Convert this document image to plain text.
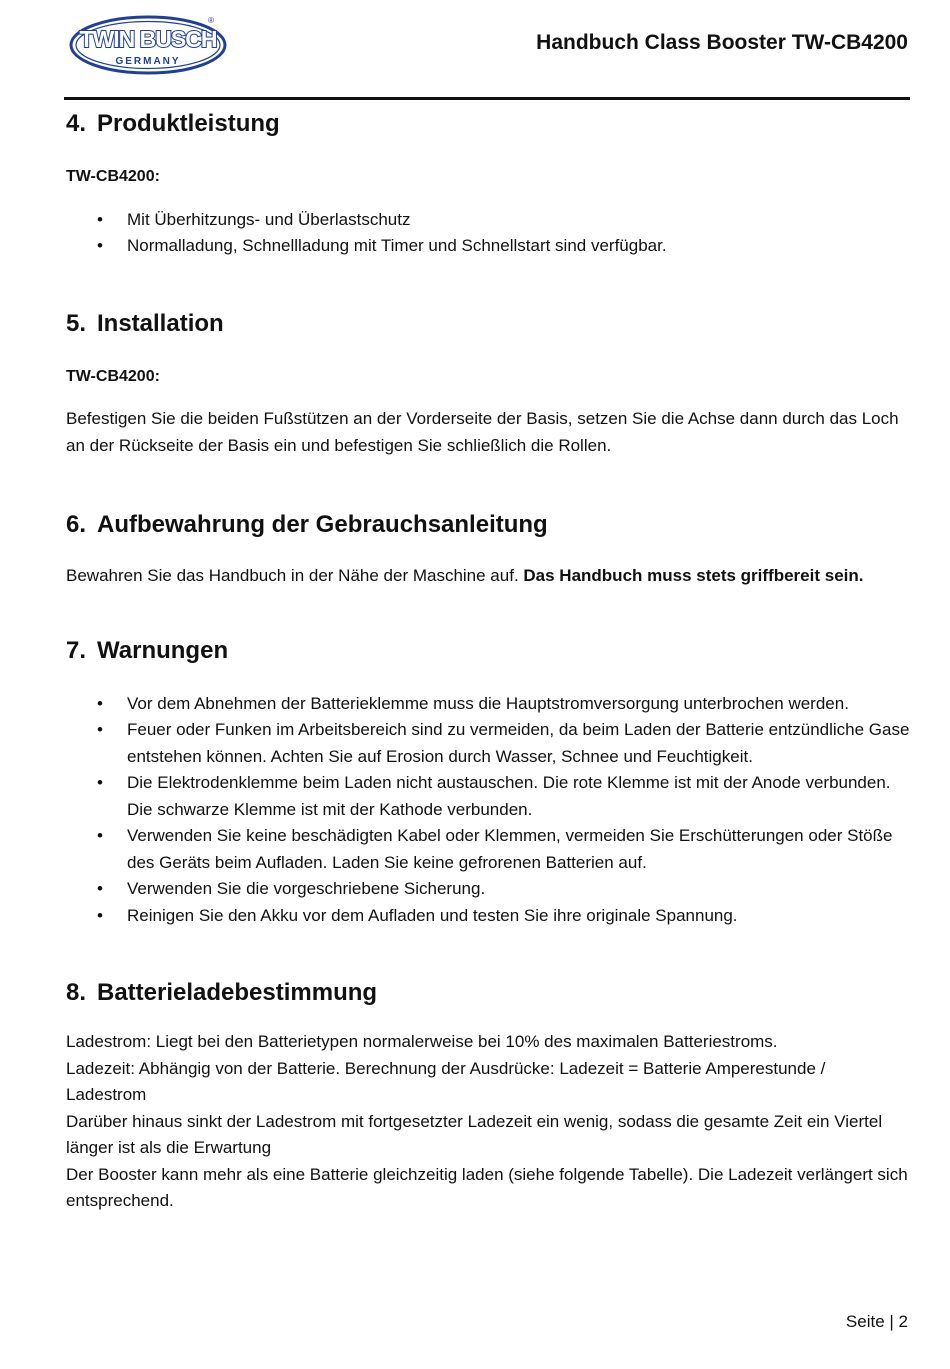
TWIN BUSCH
GERMANY
®
Handbuch Class Booster TW-CB4200
4. Produktleistung

TW-CB4200:

• Mit Überhitzungs- und Überlastschutz
• Normalladung, Schnellladung mit Timer und Schnellstart sind verfügbar.
5. Installation

TW-CB4200:

Befestigen Sie die beiden Fußstützen an der Vorderseite der Basis, setzen Sie die Achse dann durch das Loch an der Rückseite der Basis ein und befestigen Sie schließlich die Rollen.

6. Aufbewahrung der Gebrauchsanleitung

Bewahren Sie das Handbuch in der Nähe der Maschine auf. Das Handbuch muss stets griffbereit sein.

7. Warnungen
• Vor dem Abnehmen der Batterieklemme muss die Hauptstromversorgung unterbrochen werden.
• Feuer oder Funken im Arbeitsbereich sind zu vermeiden, da beim Laden der Batterie entzündliche Gase entstehen können. Achten Sie auf Erosion durch Wasser, Schnee und Feuchtigkeit.
• Die Elektrodenklemme beim Laden nicht austauschen. Die rote Klemme ist mit der Anode verbunden. Die schwarze Klemme ist mit der Kathode verbunden.
• Verwenden Sie keine beschädigten Kabel oder Klemmen, vermeiden Sie Erschütterungen oder Stöße des Geräts beim Aufladen. Laden Sie keine gefrorenen Batterien auf.
• Verwenden Sie die vorgeschriebene Sicherung.
• Reinigen Sie den Akku vor dem Aufladen und testen Sie ihre originale Spannung.
8. Batterieladebestimmung

Ladestrom: Liegt bei den Batterietypen normalerweise bei 10% des maximalen Batteriestroms.

Ladezeit: Abhängig von der Batterie. Berechnung der Ausdrücke: Ladezeit = Batterie Amperestunde / Ladestrom

Darüber hinaus sinkt der Ladestrom mit fortgesetzter Ladezeit ein wenig, sodass die gesamte Zeit ein Viertel länger ist als die Erwartung

Der Booster kann mehr als eine Batterie gleichzeitig laden (siehe folgende Tabelle). Die Ladezeit verlängert sich entsprechend.

Seite | 2
